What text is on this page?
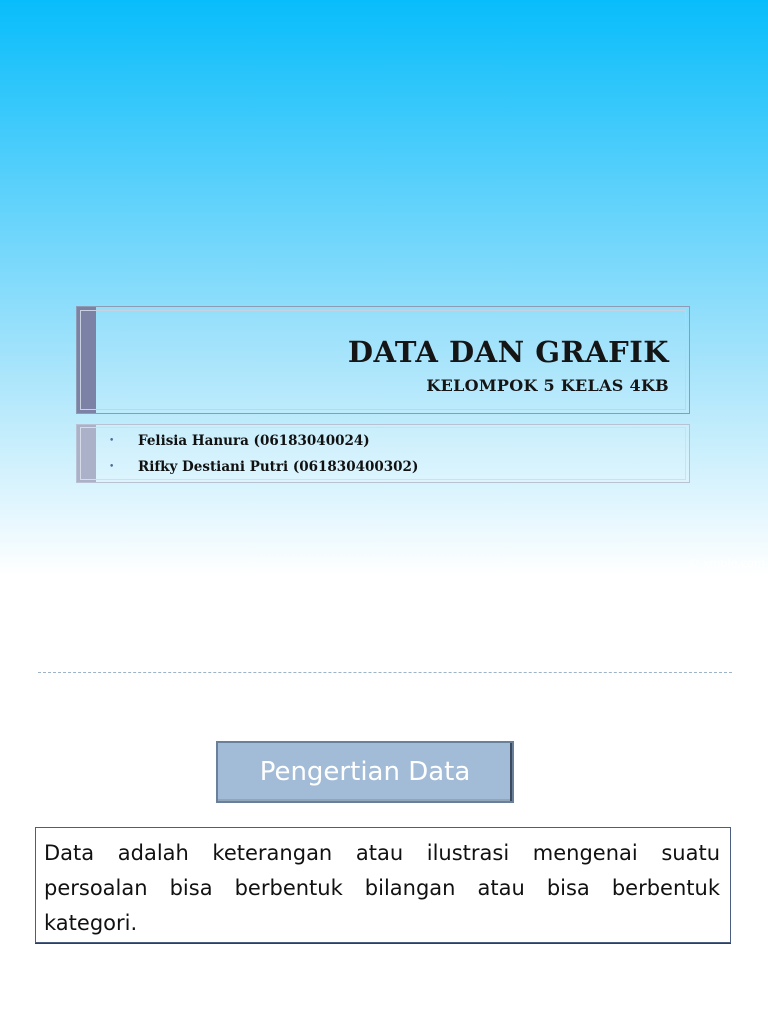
DATA DAN GRAFIK
KELOMPOK 5 KELAS 4KB
• Felisia Hanura (06183040024)
• Rifky Destiani Putri (061830400302)
© xmple.com
Pengertian Data

Data adalah keterangan atau ilustrasi mengenai suatu persoalan bisa berbentuk bilangan atau bisa berbentuk kategori.
